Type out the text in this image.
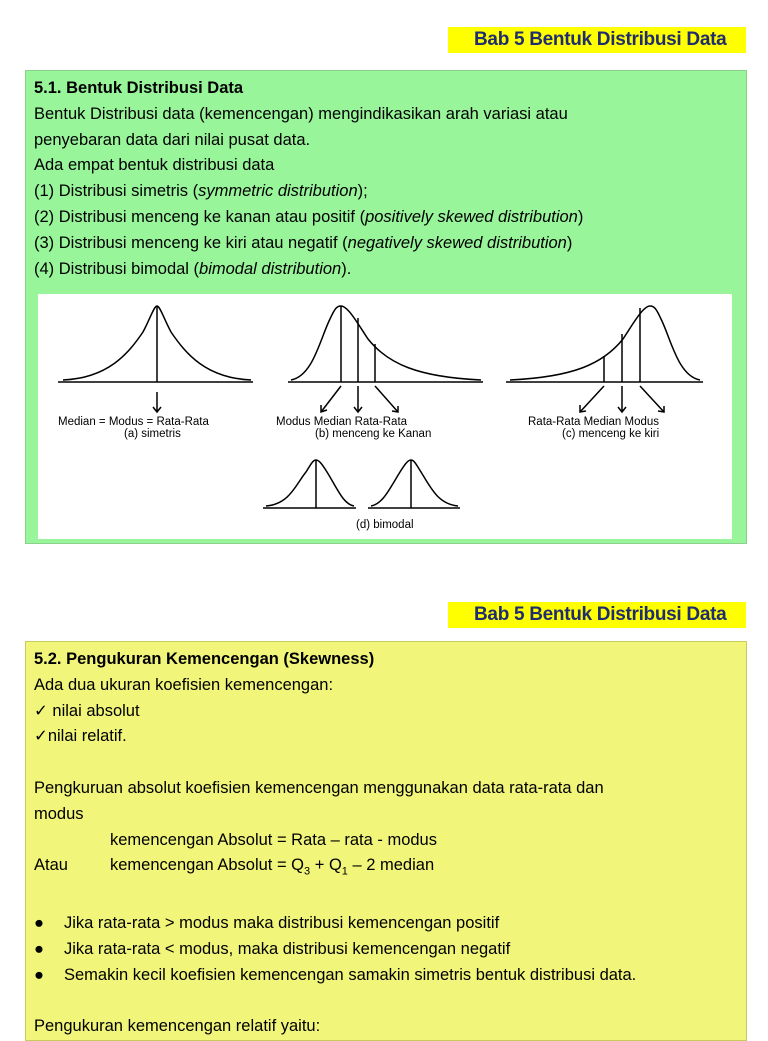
Bab 5 Bentuk Distribusi Data
5.1. Bentuk Distribusi Data
Bentuk Distribusi data (kemencengan) mengindikasikan arah variasi atau
penyebaran data dari nilai pusat data.
Ada empat bentuk distribusi data
(1) Distribusi simetris (symmetric distribution);
(2) Distribusi menceng ke kanan atau positif (positively skewed distribution)
(3) Distribusi menceng ke kiri atau negatif (negatively skewed distribution)
(4) Distribusi bimodal (bimodal distribution).
Median = Modus = Rata-Rata
(a) simetris
Modus Median Rata-Rata
(b) menceng ke Kanan
Rata-Rata Median Modus
(c) menceng ke kiri
(d) bimodal
Bab 5 Bentuk Distribusi Data
5.2. Pengukuran Kemencengan (Skewness)
Ada dua ukuran koefisien kemencengan:
✓ nilai absolut
✓nilai relatif.

Pengkuruan absolut koefisien kemencengan menggunakan data rata-rata dan
modus
kemencengan Absolut = Rata – rata - modus
Atau	kemencengan Absolut = $Q_3 + Q_1 - 2$ median

● Jika rata-rata > modus maka distribusi kemencengan positif
● Jika rata-rata < modus, maka distribusi kemencengan negatif
● Semakin kecil koefisien kemencengan samakin simetris bentuk distribusi data.

Pengukuran kemencengan relatif yaitu:
